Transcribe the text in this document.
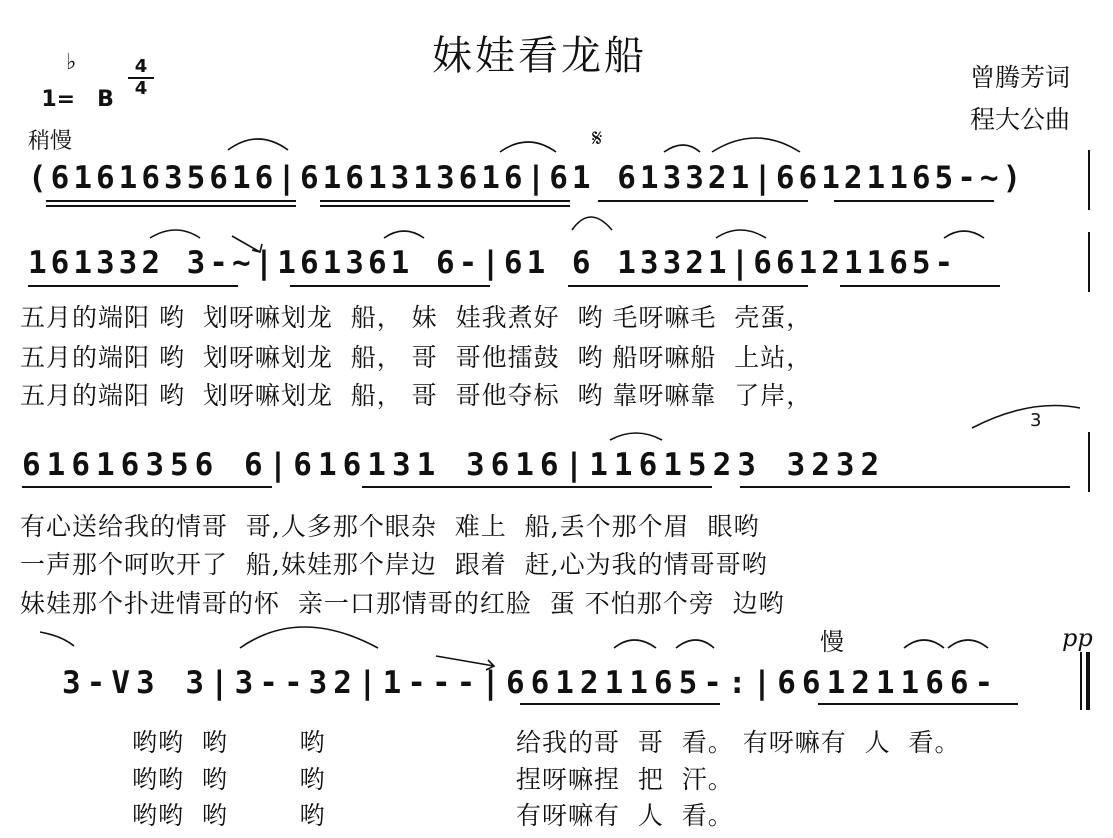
妹娃看龙船	曾腾芳词
程大公曲

1= B

♭	4
4
稍慢	𝄋
(6161635616|6161313616|61 613321|66121165-~)
161332 3-~|161361 6-|61 6 13321|66121165-
五月的端阳 哟  划呀嘛划龙  船， 妹  娃我煮好  哟 毛呀嘛毛  壳蛋，
五月的端阳 哟  划呀嘛划龙  船， 哥  哥他擂鼓  哟 船呀嘛船  上站，
五月的端阳 哟  划呀嘛划龙  船， 哥  哥他夺标  哟 靠呀嘛靠  了岸，
61616356 6|616131 3616|1161523 3232
3
有心送给我的情哥  哥,人多那个眼杂  难上  船,丢个那个眉  眼哟
一声那个呵吹开了  船,妹娃那个岸边  跟着  赶,心为我的情哥哥哟
妹娃那个扑进情哥的怀  亲一口那情哥的红脸  蛋 不怕那个旁  边哟
慢	pp
3-V3 3|3--32|1---|66121165-:|66121166-
哟哟  哟        哟
哟哟  哟        哟
哟哟  哟        哟
给我的哥  哥  看。 有呀嘛有  人  看。
捏呀嘛捏  把  汗。
有呀嘛有  人  看。
